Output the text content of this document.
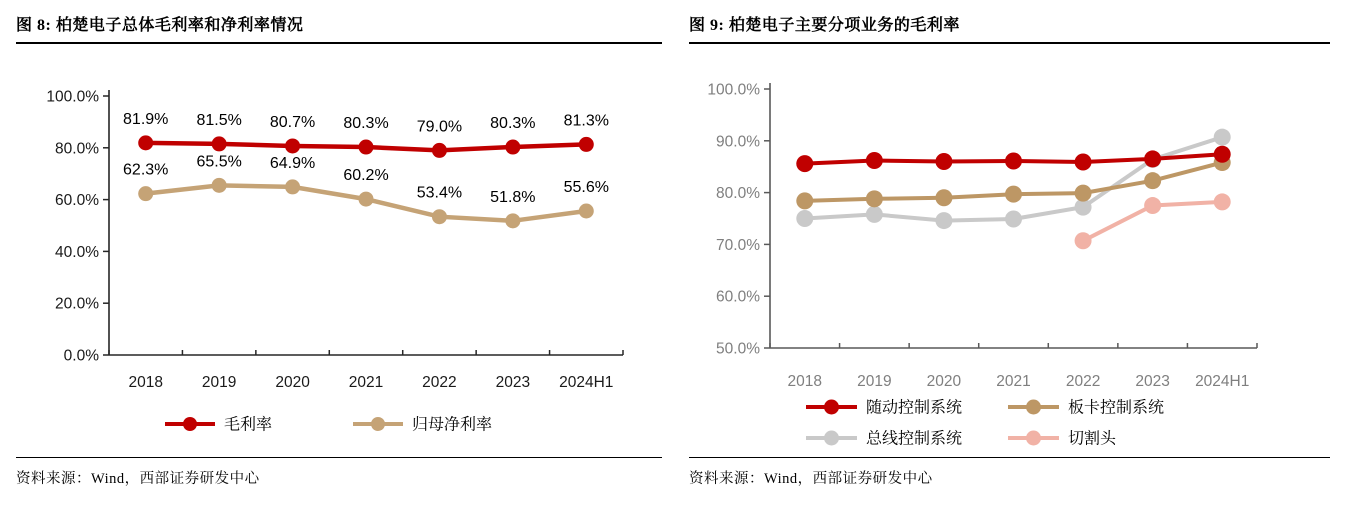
图 8: 柏楚电子总体毛利率和净利率情况
0.0%
20.0%
40.0%
60.0%
80.0%
100.0%
2018	2019	2020	2021	2022	2023 2024H1
81.9% 81.5% 80.7% 80.3% 79.0% 80.3% 81.3%
62.3% 65.5% 64.9%
60.2%
53.4% 51.8%
55.6%
毛利率	归母净利率
资料来源：Wind，西部证券研发中心
图 9: 柏楚电子主要分项业务的毛利率
50.0%
60.0%
70.0%
80.0%
90.0%
100.0%
2018 2019 2020 2021 2022 2023 2024H1
随动控制系统	板卡控制系统
总线控制系统	切割头
资料来源：Wind，西部证券研发中心
